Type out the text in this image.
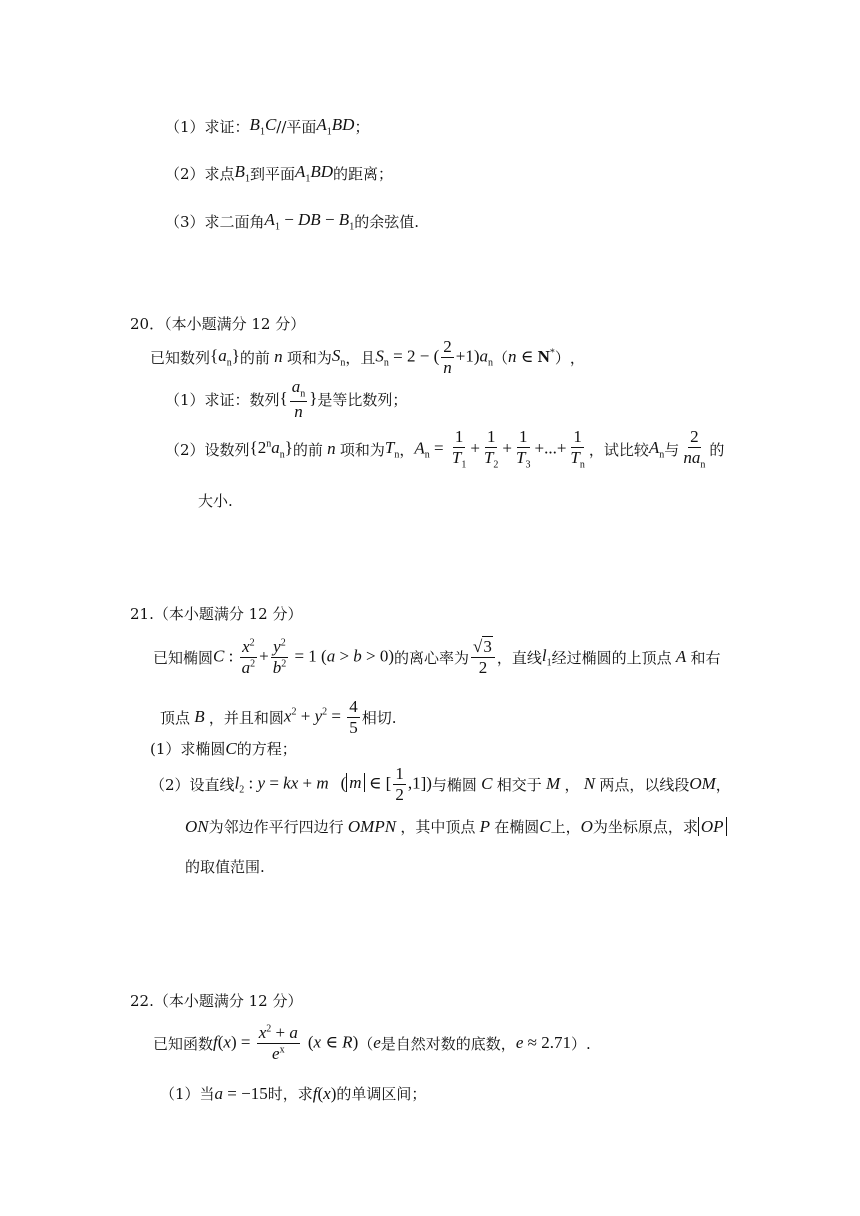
（1）求证： $B_1C$ //平面 $A_1BD$ ；
（2）求点 $B_1$ 到平面 $A_1BD$ 的距离；
（3）求二面角 $A_1$ − DB − $B_1$ 的余弦值.
20．（本小题满分 12 分）
已知数列 $\{a_n\}$ 的前 n 项和为 $S_n$ ，且 $S_n = 2$ − ( $\frac{2}{n} +1)a_n$ （ n ∈ N* ） ，
（1）求证：数列 { $\frac{a_n}{n}$ } 是等比数列；
（2）设数列 $\{2^na_n\}$ 的前 n 项和为 $T_n$ ， $A_n = \frac{1}{T_1} + \frac{1}{T_2} + \frac{1}{T_3}$ +...+ $\frac{1}{T_n}$ ，试比较 $A_n$ 与 $\frac{2}{na_n}$ 的
大小.
21.（本小题满分 12 分）
已知椭圆 C : $\frac{x^2}{a^2} + \frac{y^2}{b^2} = 1$ (a > b > 0) 的离心率为 $\frac{√3}{2}$ ，直线 $l_1$ 经过椭圆的上顶点 A 和右
顶点 B ，并且和圆 $x^2 + y^2 = \frac{4}{5}$ 相切.
(1）求椭圆 C 的方程；
（2）设直线 $l_2$ : y = kx + m ( m ∈ [ $\frac{1}{2} ,1$]) 与椭圆 C 相交于 M ， N 两点，以线段 OM ，
ON 为邻边作平行四边行 OMPN ，其中顶点 P 在椭圆 C 上， O 为坐标原点，求 OP
的取值范围.
22.（本小题满分 12 分）
已知函数 $f(x) = \frac{x^2 + a}{e^x} (x$ ∈ R) （ e 是自然对数的底数， e ≈ 2.71 ）.
（1）当 a = −15 时，求 f(x) 的单调区间；
